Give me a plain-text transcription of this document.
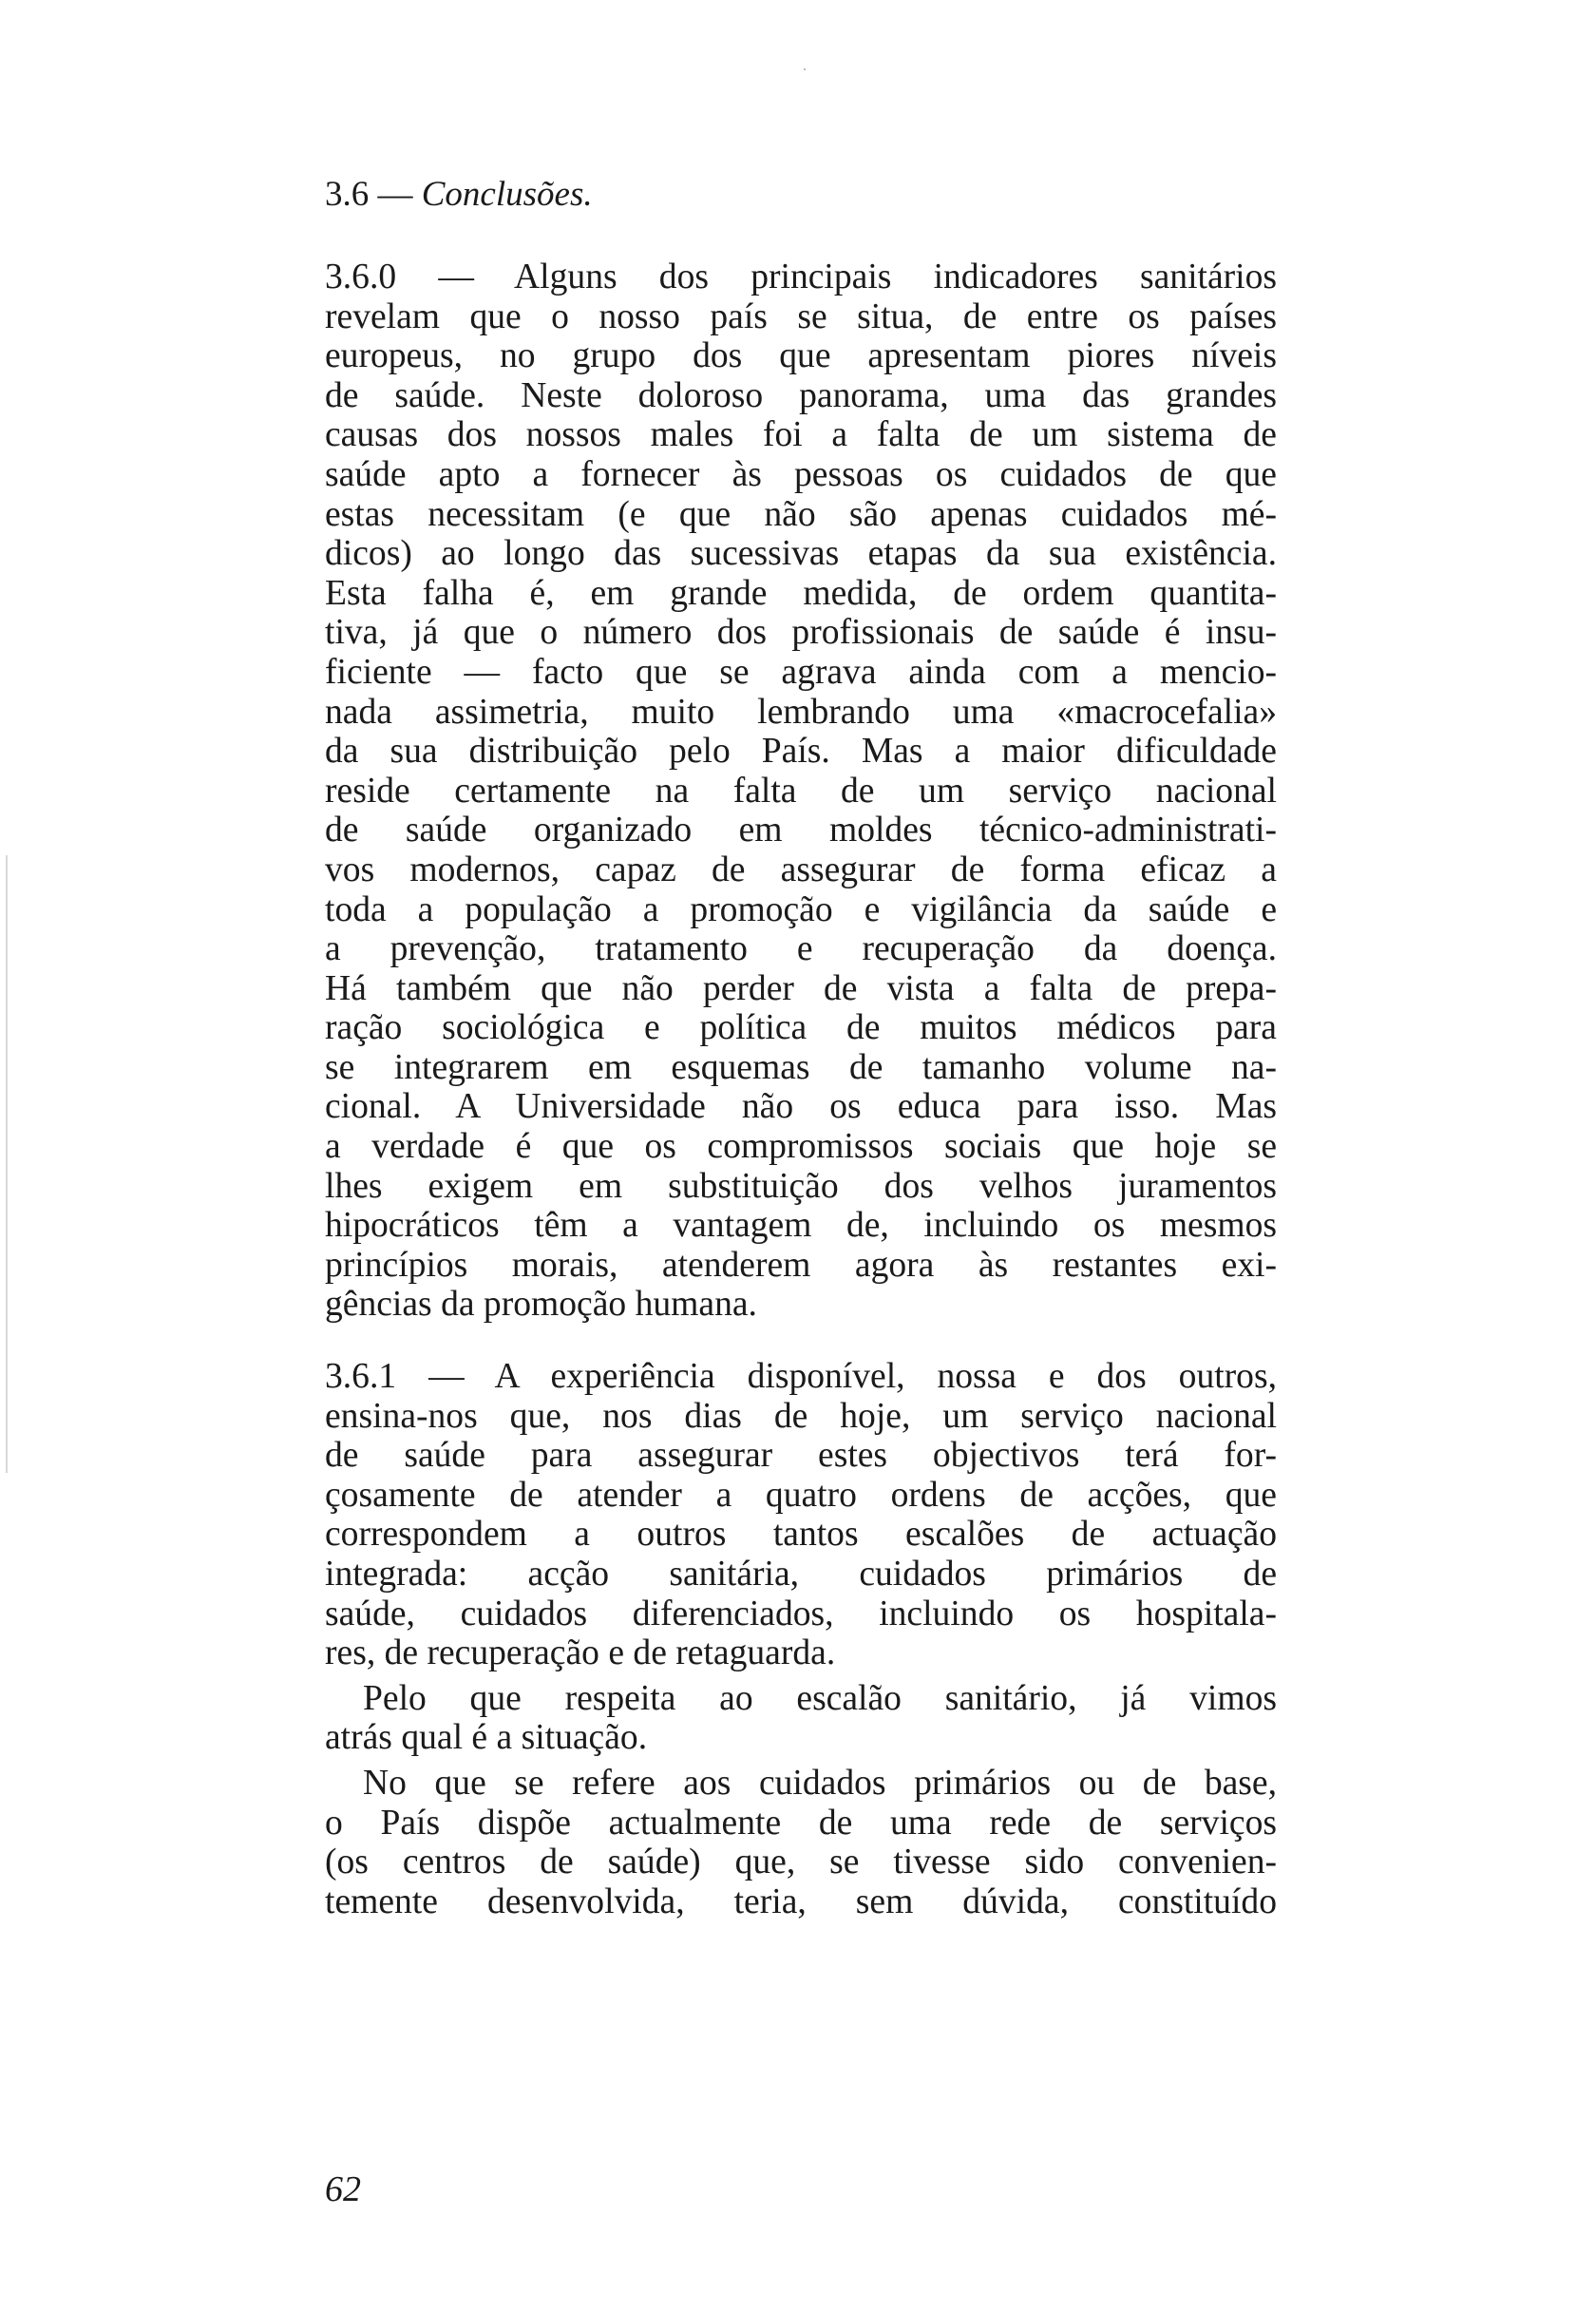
3.6 — Conclusões.
3.6.0 — Alguns dos principais indicadores sanitários
revelam que o nosso país se situa, de entre os países
europeus, no grupo dos que apresentam piores níveis
de saúde. Neste doloroso panorama, uma das grandes
causas dos nossos males foi a falta de um sistema de
saúde apto a fornecer às pessoas os cuidados de que
estas necessitam (e que não são apenas cuidados mé-
dicos) ao longo das sucessivas etapas da sua existência.
Esta falha é, em grande medida, de ordem quantita-
tiva, já que o número dos profissionais de saúde é insu-
ficiente — facto que se agrava ainda com a mencio-
nada assimetria, muito lembrando uma «macrocefalia»
da sua distribuição pelo País. Mas a maior dificuldade
reside certamente na falta de um serviço nacional
de saúde organizado em moldes técnico-administrati-
vos modernos, capaz de assegurar de forma eficaz a
toda a população a promoção e vigilância da saúde e
a prevenção, tratamento e recuperação da doença.
Há também que não perder de vista a falta de prepa-
ração sociológica e política de muitos médicos para
se integrarem em esquemas de tamanho volume na-
cional. A Universidade não os educa para isso. Mas
a verdade é que os compromissos sociais que hoje se
lhes exigem em substituição dos velhos juramentos
hipocráticos têm a vantagem de, incluindo os mesmos
princípios morais, atenderem agora às restantes exi-
gências da promoção humana.
3.6.1 — A experiência disponível, nossa e dos outros,
ensina-nos que, nos dias de hoje, um serviço nacional
de saúde para assegurar estes objectivos terá for-
çosamente de atender a quatro ordens de acções, que
correspondem a outros tantos escalões de actuação
integrada: acção sanitária, cuidados primários de
saúde, cuidados diferenciados, incluindo os hospitala-
res, de recuperação e de retaguarda.
Pelo que respeita ao escalão sanitário, já vimos
atrás qual é a situação.
No que se refere aos cuidados primários ou de base,
o País dispõe actualmente de uma rede de serviços
(os centros de saúde) que, se tivesse sido convenien-
temente desenvolvida, teria, sem dúvida, constituído
62
